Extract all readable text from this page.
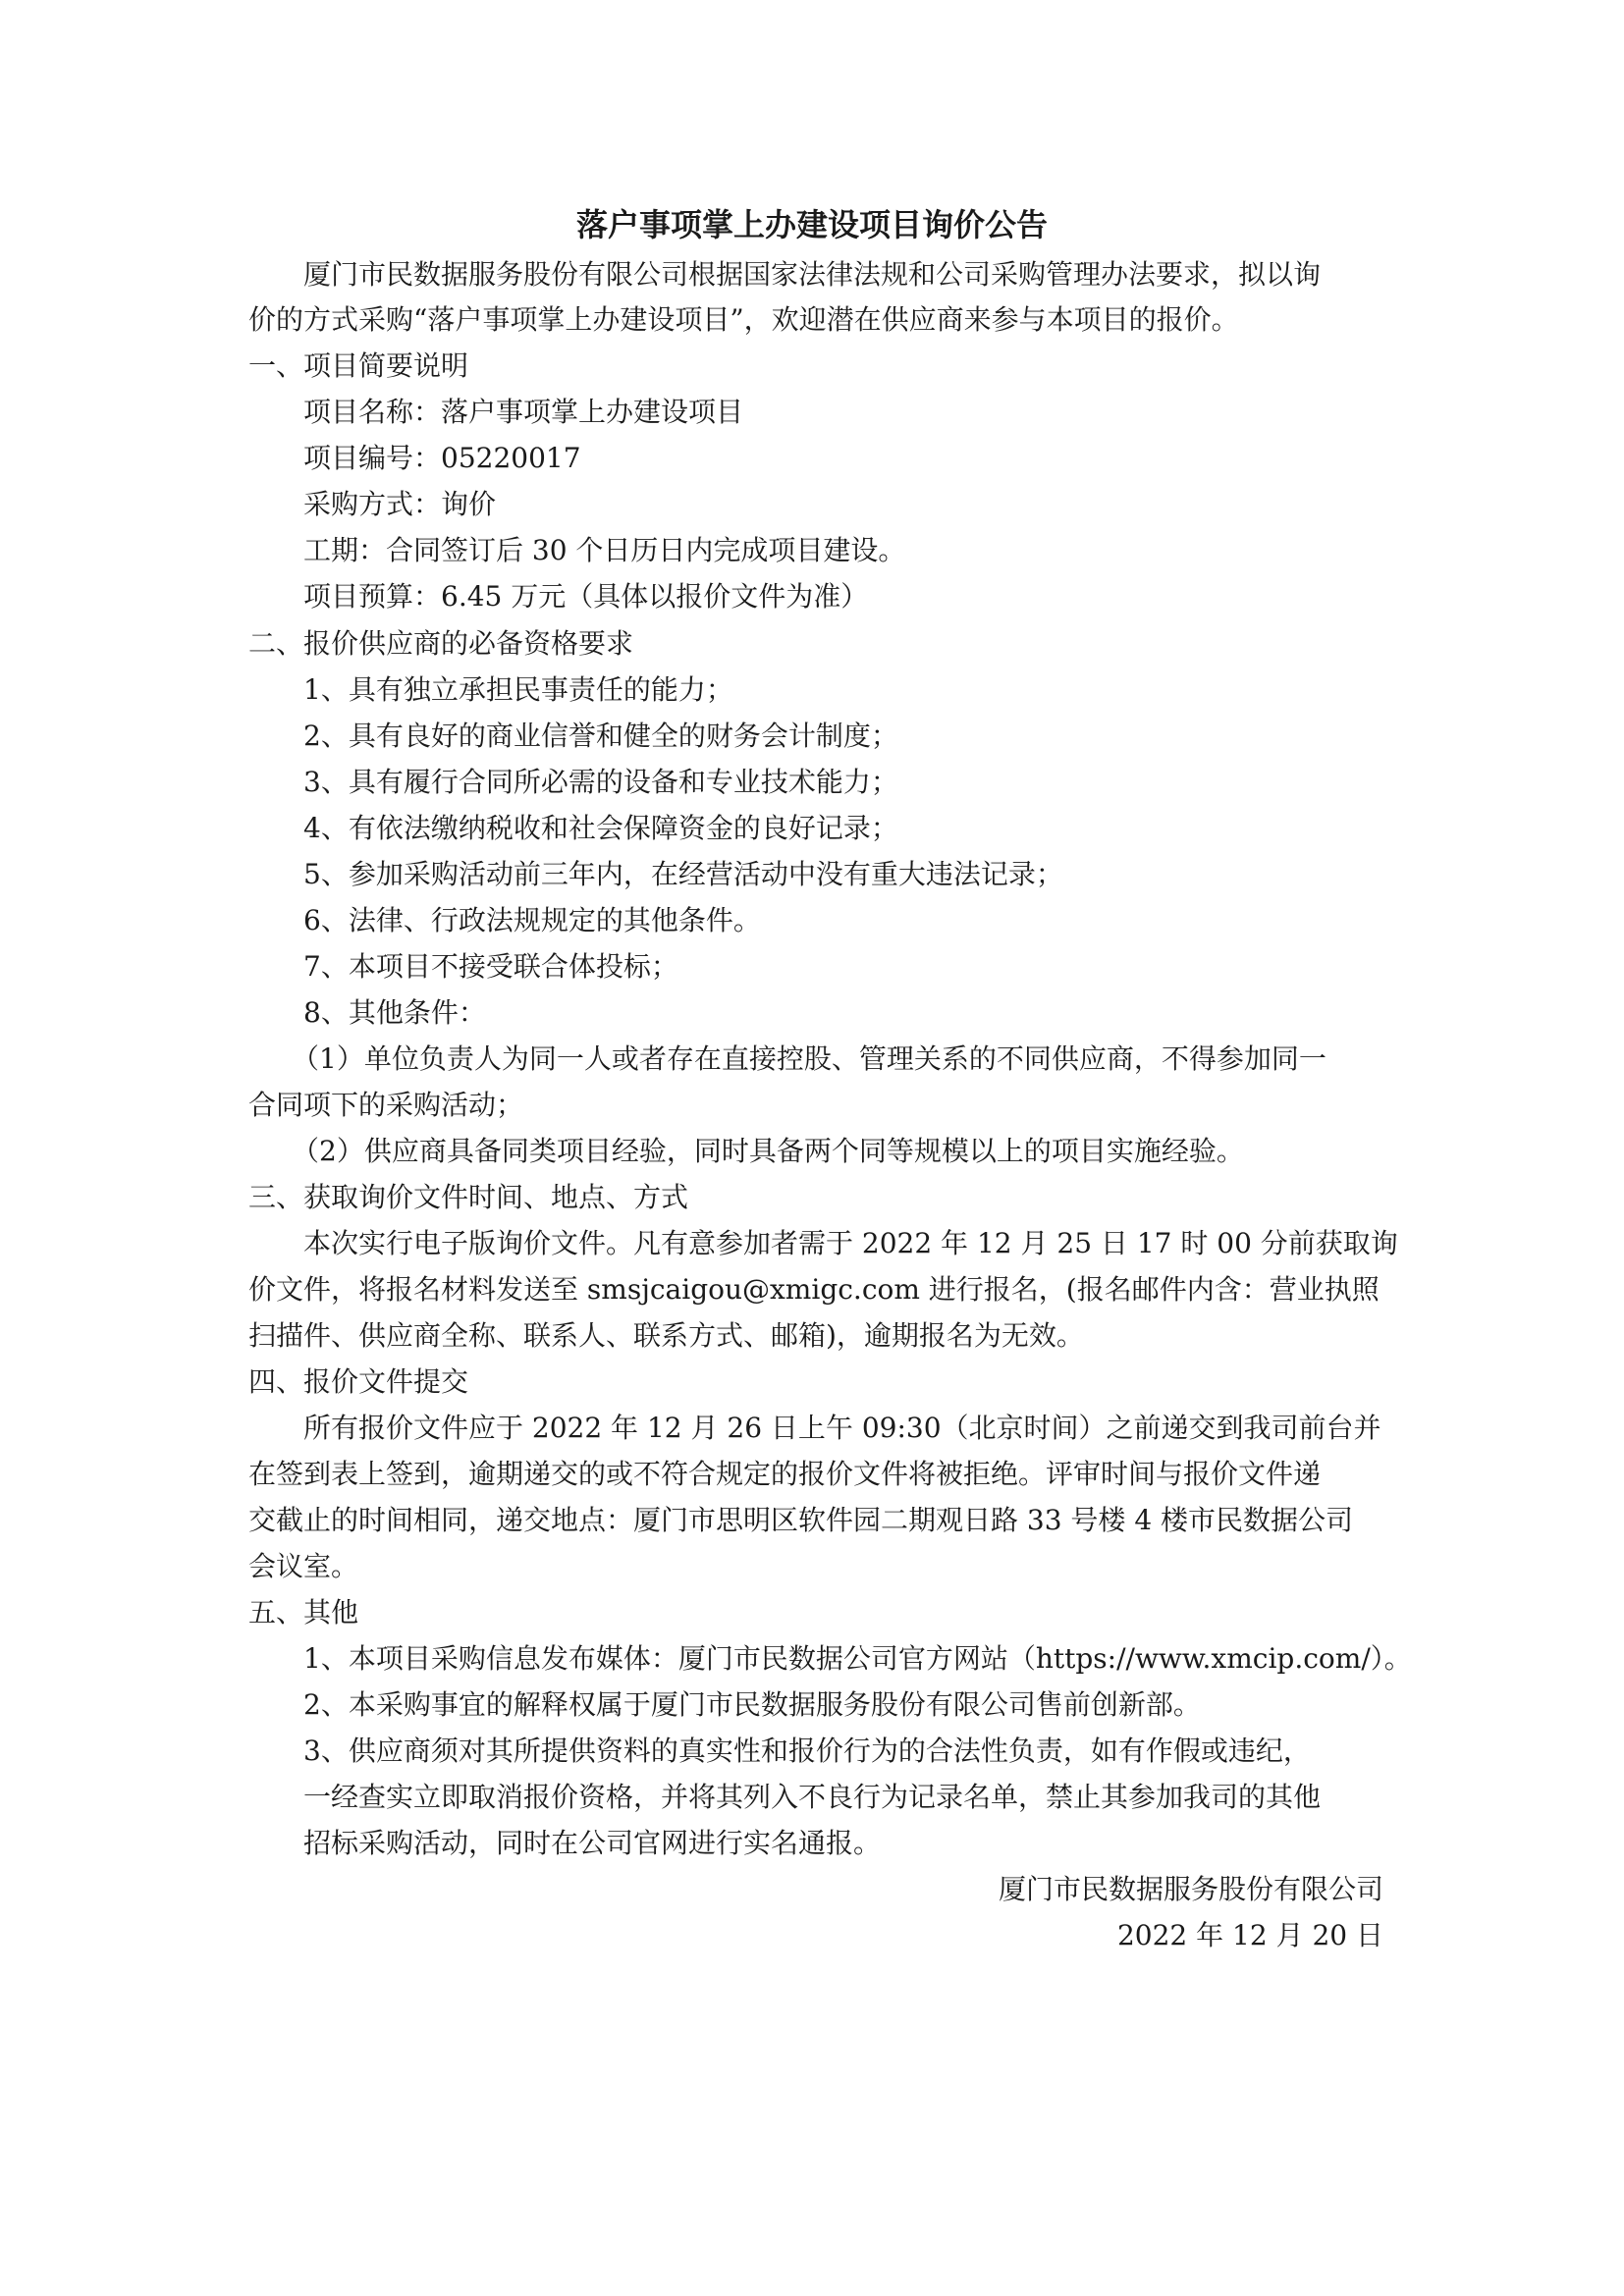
落户事项掌上办建设项目询价公告
厦门市民数据服务股份有限公司根据国家法律法规和公司采购管理办法要求，拟以询
价的方式采购“落户事项掌上办建设项目”，欢迎潜在供应商来参与本项目的报价。
一、项目简要说明
项目名称：落户事项掌上办建设项目
项目编号：05220017
采购方式：询价
工期：合同签订后 30 个日历日内完成项目建设。
项目预算：6.45 万元（具体以报价文件为准）
二、报价供应商的必备资格要求
1、具有独立承担民事责任的能力；
2、具有良好的商业信誉和健全的财务会计制度；
3、具有履行合同所必需的设备和专业技术能力；
4、有依法缴纳税收和社会保障资金的良好记录；
5、参加采购活动前三年内，在经营活动中没有重大违法记录；
6、法律、行政法规规定的其他条件。
7、本项目不接受联合体投标；
8、其他条件：
（1）单位负责人为同一人或者存在直接控股、管理关系的不同供应商，不得参加同一
合同项下的采购活动；
（2）供应商具备同类项目经验，同时具备两个同等规模以上的项目实施经验。
三、获取询价文件时间、地点、方式
本次实行电子版询价文件。凡有意参加者需于 2022 年 12 月 25 日 17 时 00 分前获取询
价文件，将报名材料发送至 smsjcaigou@xmigc.com 进行报名，(报名邮件内含：营业执照
扫描件、供应商全称、联系人、联系方式、邮箱)，逾期报名为无效。
四、报价文件提交
所有报价文件应于 2022 年 12 月 26 日上午 09:30（北京时间）之前递交到我司前台并
在签到表上签到，逾期递交的或不符合规定的报价文件将被拒绝。评审时间与报价文件递
交截止的时间相同，递交地点：厦门市思明区软件园二期观日路 33 号楼 4 楼市民数据公司
会议室。
五、其他
1、本项目采购信息发布媒体：厦门市民数据公司官方网站（https://www.xmcip.com/）。
2、本采购事宜的解释权属于厦门市民数据服务股份有限公司售前创新部。
3、供应商须对其所提供资料的真实性和报价行为的合法性负责，如有作假或违纪，
一经查实立即取消报价资格，并将其列入不良行为记录名单，禁止其参加我司的其他
招标采购活动，同时在公司官网进行实名通报。
厦门市民数据服务股份有限公司
2022 年 12 月 20 日
